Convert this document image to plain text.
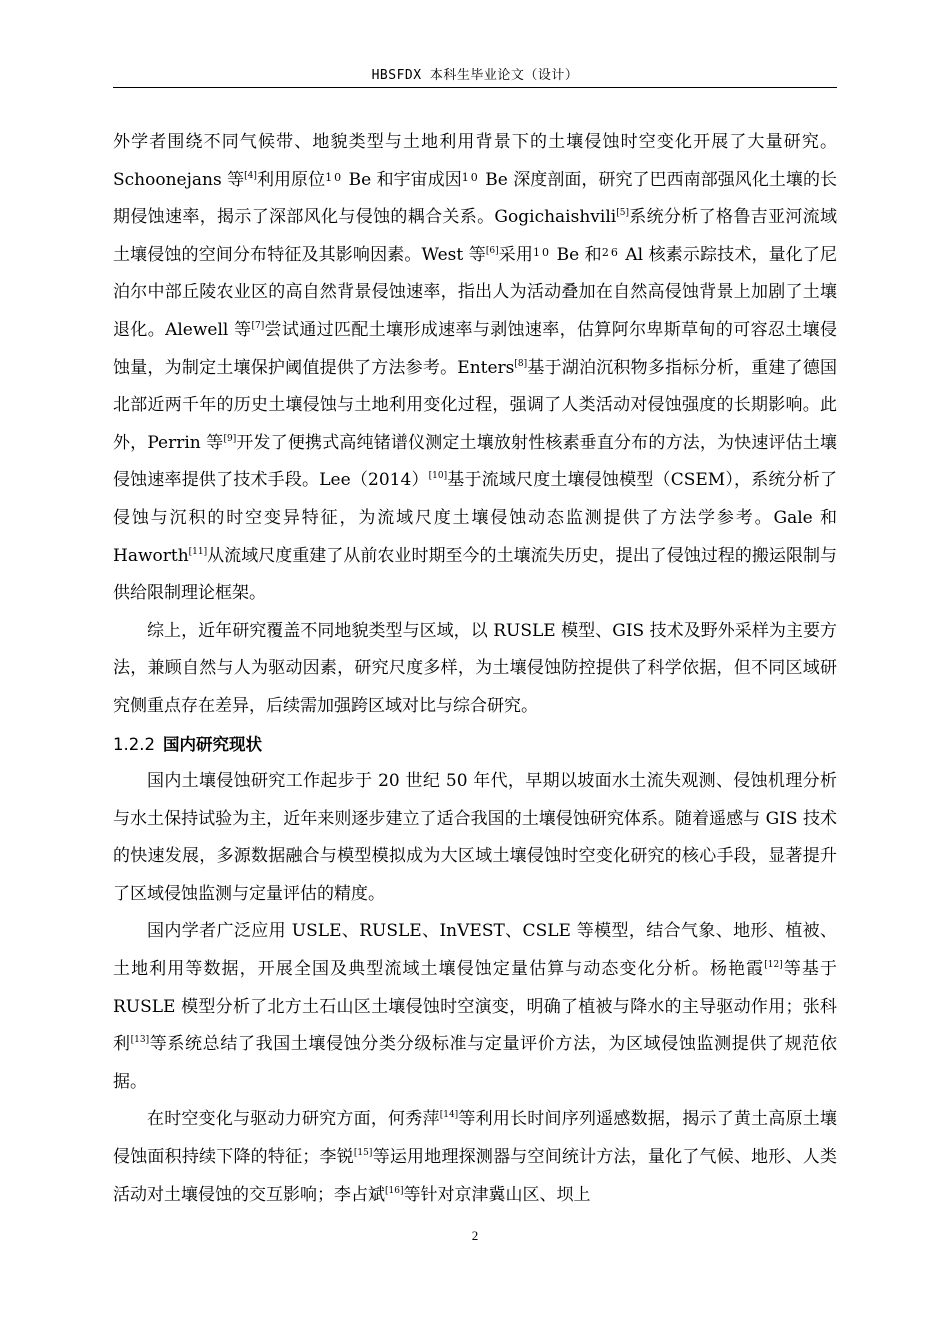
HBSFDX 本科生毕业论文（设计）

外学者围绕不同气候带、地貌类型与土地利用背景下的土壤侵蚀时空变化开展了大量研究。Schoonejans 等[4]利用原位$^{10}$ Be 和宇宙成因$^{10}$ Be 深度剖面，研究了巴西南部强风化土壤的长期侵蚀速率，揭示了深部风化与侵蚀的耦合关系。Gogichaishvili[5]系统分析了格鲁吉亚河流域土壤侵蚀的空间分布特征及其影响因素。West 等[6]采用$^{10}$ Be 和$^{26}$ Al 核素示踪技术，量化了尼泊尔中部丘陵农业区的高自然背景侵蚀速率，指出人为活动叠加在自然高侵蚀背景上加剧了土壤退化。Alewell 等[7]尝试通过匹配土壤形成速率与剥蚀速率，估算阿尔卑斯草甸的可容忍土壤侵蚀量，为制定土壤保护阈值提供了方法参考。Enters[8]基于湖泊沉积物多指标分析，重建了德国北部近两千年的历史土壤侵蚀与土地利用变化过程，强调了人类活动对侵蚀强度的长期影响。此外，Perrin 等[9]开发了便携式高纯锗谱仪测定土壤放射性核素垂直分布的方法，为快速评估土壤侵蚀速率提供了技术手段。Lee（2014）[10]基于流域尺度土壤侵蚀模型（CSEM），系统分析了侵蚀与沉积的时空变异特征，为流域尺度土壤侵蚀动态监测提供了方法学参考。Gale 和 Haworth[11]从流域尺度重建了从前农业时期至今的土壤流失历史，提出了侵蚀过程的搬运限制与供给限制理论框架。

综上，近年研究覆盖不同地貌类型与区域，以 RUSLE 模型、GIS 技术及野外采样为主要方法，兼顾自然与人为驱动因素，研究尺度多样，为土壤侵蚀防控提供了科学依据，但不同区域研究侧重点存在差异，后续需加强跨区域对比与综合研究。

1.2.2 国内研究现状

国内土壤侵蚀研究工作起步于 20 世纪 50 年代，早期以坡面水土流失观测、侵蚀机理分析与水土保持试验为主，近年来则逐步建立了适合我国的土壤侵蚀研究体系。随着遥感与 GIS 技术的快速发展，多源数据融合与模型模拟成为大区域土壤侵蚀时空变化研究的核心手段，显著提升了区域侵蚀监测与定量评估的精度。

国内学者广泛应用 USLE、RUSLE、InVEST、CSLE 等模型，结合气象、地形、植被、土地利用等数据，开展全国及典型流域土壤侵蚀定量估算与动态变化分析。杨艳霞[12]等基于 RUSLE 模型分析了北方土石山区土壤侵蚀时空演变，明确了植被与降水的主导驱动作用；张科利[13]等系统总结了我国土壤侵蚀分类分级标准与定量评价方法，为区域侵蚀监测提供了规范依据。

在时空变化与驱动力研究方面，何秀萍[14]等利用长时间序列遥感数据，揭示了黄土高原土壤侵蚀面积持续下降的特征；李锐[15]等运用地理探测器与空间统计方法，量化了气候、地形、人类活动对土壤侵蚀的交互影响；李占斌[16]等针对京津冀山区、坝上

2
